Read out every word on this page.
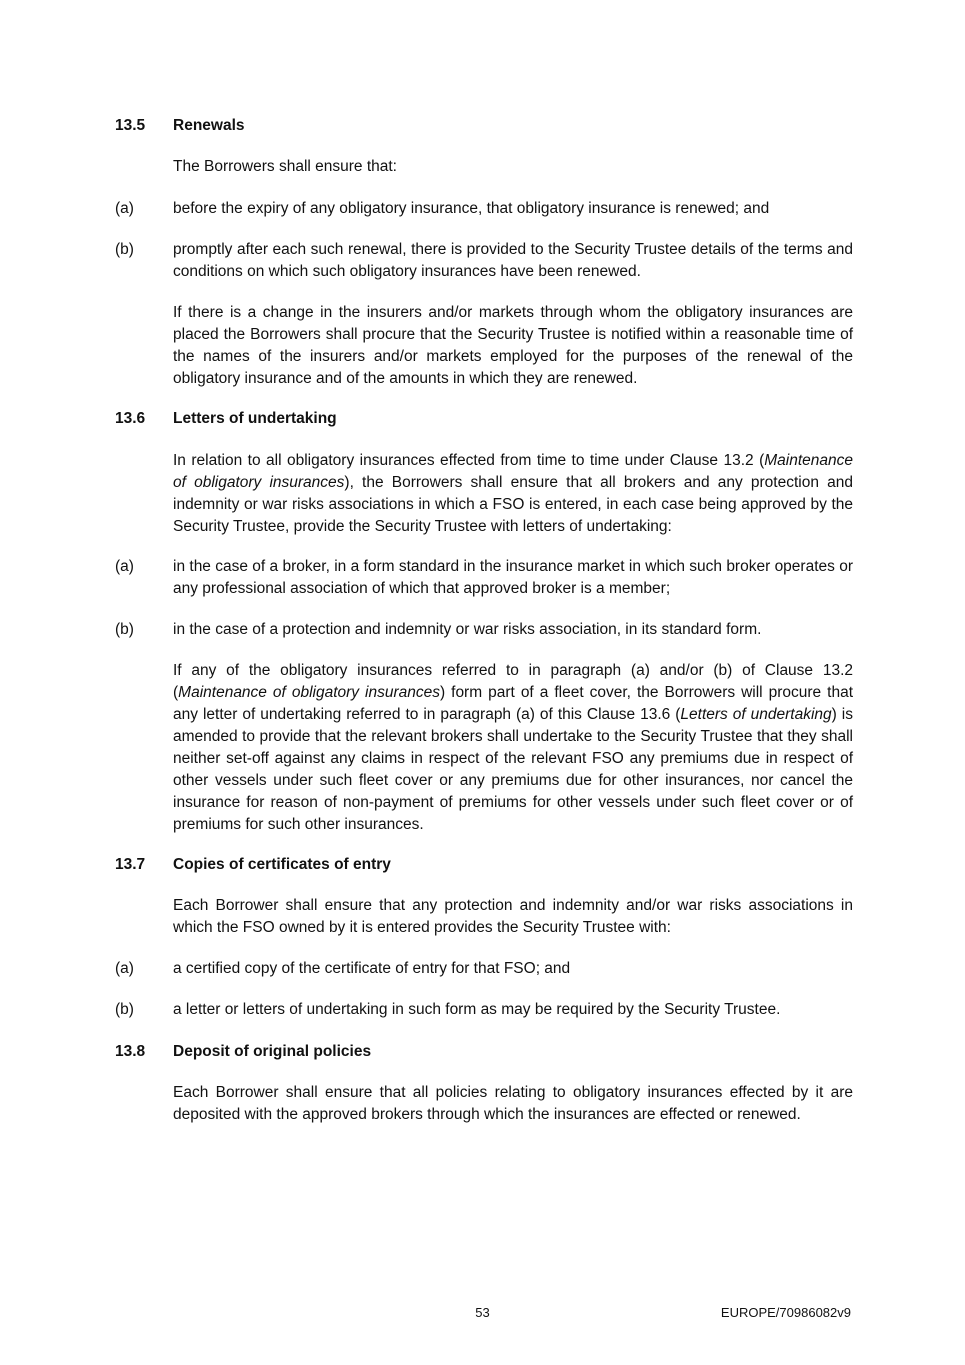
13.5	Renewals
The Borrowers shall ensure that:
(a)	before the expiry of any obligatory insurance, that obligatory insurance is renewed; and
(b)	promptly after each such renewal, there is provided to the Security Trustee details of the terms and conditions on which such obligatory insurances have been renewed.
If there is a change in the insurers and/or markets through whom the obligatory insurances are placed the Borrowers shall procure that the Security Trustee is notified within a reasonable time of the names of the insurers and/or markets employed for the purposes of the renewal of the obligatory insurance and of the amounts in which they are renewed.
13.6	Letters of undertaking
In relation to all obligatory insurances effected from time to time under Clause 13.2 (Maintenance of obligatory insurances), the Borrowers shall ensure that all brokers and any protection and indemnity or war risks associations in which a FSO is entered, in each case being approved by the Security Trustee, provide the Security Trustee with letters of undertaking:
(a)	in the case of a broker, in a form standard in the insurance market in which such broker operates or any professional association of which that approved broker is a member;
(b)	in the case of a protection and indemnity or war risks association, in its standard form.
If any of the obligatory insurances referred to in paragraph (a) and/or (b) of Clause 13.2 (Maintenance of obligatory insurances) form part of a fleet cover, the Borrowers will procure that any letter of undertaking referred to in paragraph (a) of this Clause 13.6 (Letters of undertaking) is amended to provide that the relevant brokers shall undertake to the Security Trustee that they shall neither set-off against any claims in respect of the relevant FSO any premiums due in respect of other vessels under such fleet cover or any premiums due for other insurances, nor cancel the insurance for reason of non-payment of premiums for other vessels under such fleet cover or of premiums for such other insurances.
13.7	Copies of certificates of entry
Each Borrower shall ensure that any protection and indemnity and/or war risks associations in which the FSO owned by it is entered provides the Security Trustee with:
(a)	a certified copy of the certificate of entry for that FSO; and
(b)	a letter or letters of undertaking in such form as may be required by the Security Trustee.
13.8	Deposit of original policies
Each Borrower shall ensure that all policies relating to obligatory insurances effected by it are deposited with the approved brokers through which the insurances are effected or renewed.
53	EUROPE/70986082v9
